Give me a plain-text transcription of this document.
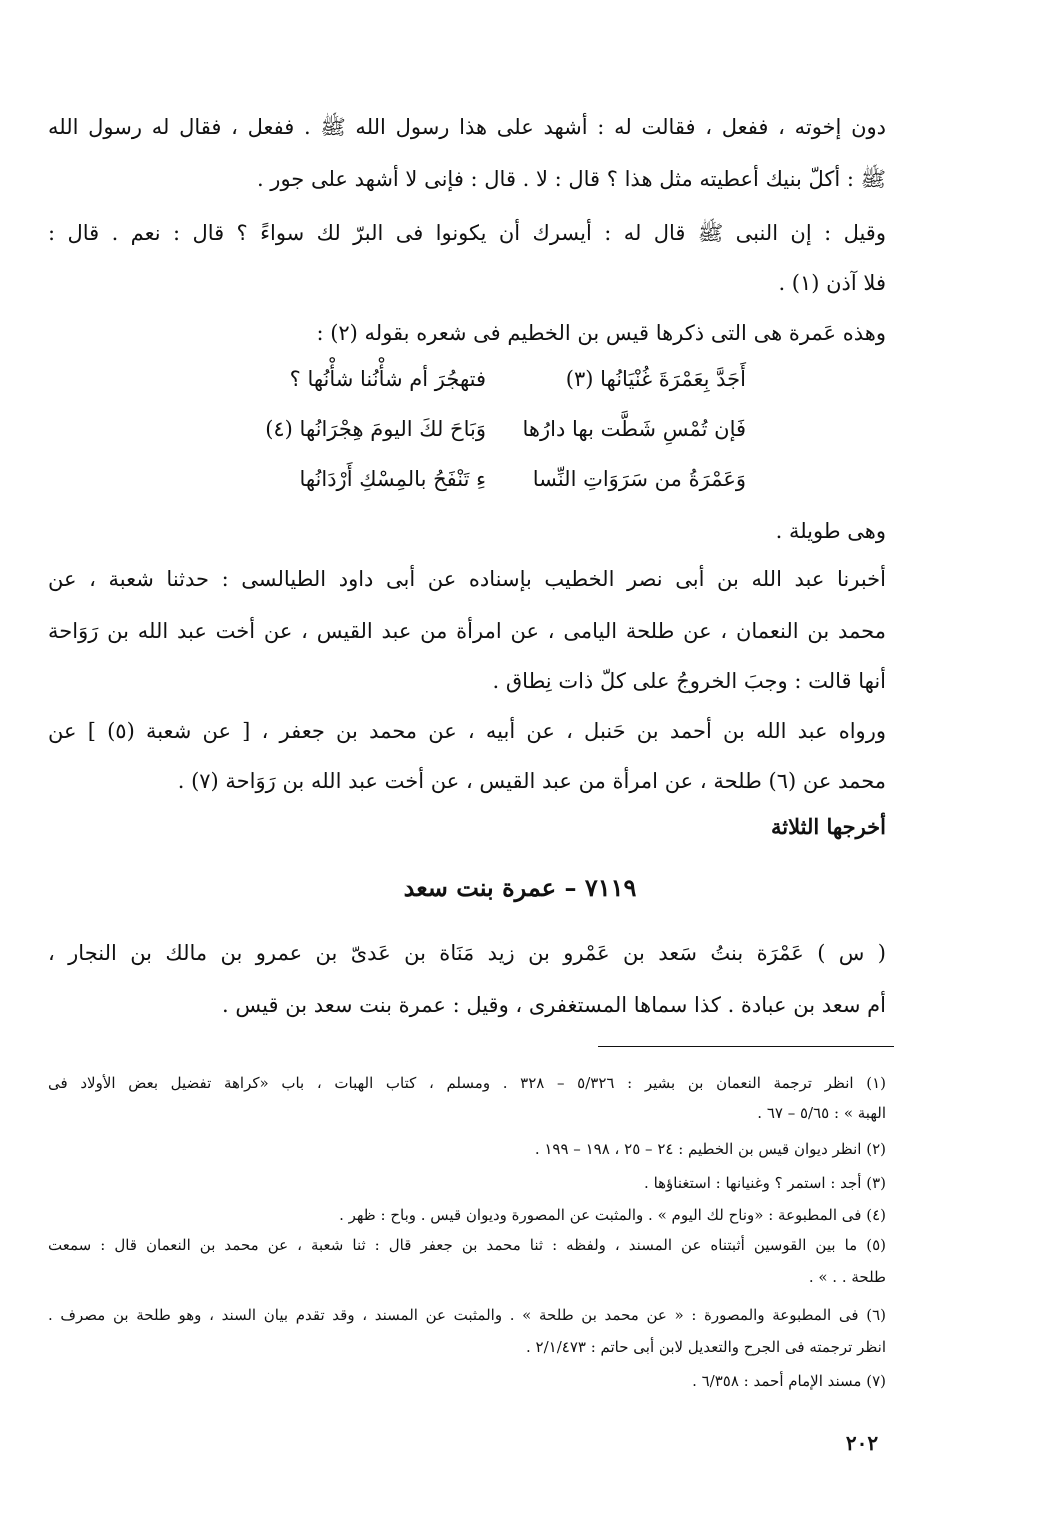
دون إخوته ، ففعل ، فقالت له : أشهد على هذا رسول الله ﷺ . ففعل ، فقال له رسول الله
ﷺ : أكلّ بنيك أعطيته مثل هذا ؟ قال : لا . قال : فإنى لا أشهد على جور .
وقيل : إن النبى ﷺ قال له : أيسرك أن يكونوا فى البرّ لك سواءً ؟ قال : نعم . قال :
فلا آذن (١) .
وهذه عَمرة هى التى ذكرها قيس بن الخطيم فى شعره بقوله (٢) :
أَجَدَّ بِعَمْرَةَ غُنْيَانُها (٣)
فتهجُرَ أم شأْنُنا شأْنُها ؟
فَإن تُمْسِ شَطَّت بها دارُها
وَبَاحَ لكَ اليومَ هِجْرَانُها (٤)
وَعَمْرَةُ من سَرَوَاتِ النِّسا
ءِ تَنْفَحُ بالمِسْكِ أَرْدَانُها
وهى طويلة .
أخبرنا عبد الله بن أبى نصر الخطيب بإسناده عن أبى داود الطيالسى : حدثنا شعبة ، عن
محمد بن النعمان ، عن طلحة اليامى ، عن امرأة من عبد القيس ، عن أخت عبد الله بن رَوَاحة
أنها قالت : وجبَ الخروجُ على كلّ ذات نِطاق .
ورواه عبد الله بن أحمد بن حَنبل ، عن أبيه ، عن محمد بن جعفر ، [ عن شعبة (٥) ] عن
محمد عن (٦) طلحة ، عن امرأة من عبد القيس ، عن أخت عبد الله بن رَوَاحة (٧) .
أخرجها الثلاثة
٧١١٩ – عمرة بنت سعد
( س ) عَمْرَة بنتُ سَعد بن عَمْرو بن زيد مَنَاة بن عَدىّ بن عمرو بن مالك بن النجار ،
أم سعد بن عبادة . كذا سماها المستغفرى ، وقيل : عمرة بنت سعد بن قيس .
(١) انظر ترجمة النعمان بن بشير : ٥/٣٢٦ – ٣٢٨ . ومسلم ، كتاب الهبات ، باب «كراهة تفضيل بعض الأولاد فى
الهبة » : ٥/٦٥ – ٦٧ .
(٢) انظر ديوان قيس بن الخطيم : ٢٤ – ٢٥ ، ١٩٨ – ١٩٩ .
(٣) أجد : استمر ؟ وغنيانها : استغناؤها .
(٤) فى المطبوعة : «وناح لك اليوم » . والمثبت عن المصورة وديوان قيس . وباح : ظهر .
(٥) ما بين القوسين أثبتناه عن المسند ، ولفظه : ثنا محمد بن جعفر قال : ثنا شعبة ، عن محمد بن النعمان قال : سمعت
طلحة . . » .
(٦) فى المطبوعة والمصورة : « عن محمد بن طلحة » . والمثبت عن المسند ، وقد تقدم بيان السند ، وهو طلحة بن مصرف .
انظر ترجمته فى الجرح والتعديل لابن أبى حاتم : ٢/١/٤٧٣ .
(٧) مسند الإمام أحمد : ٦/٣٥٨ .
٢٠٢
